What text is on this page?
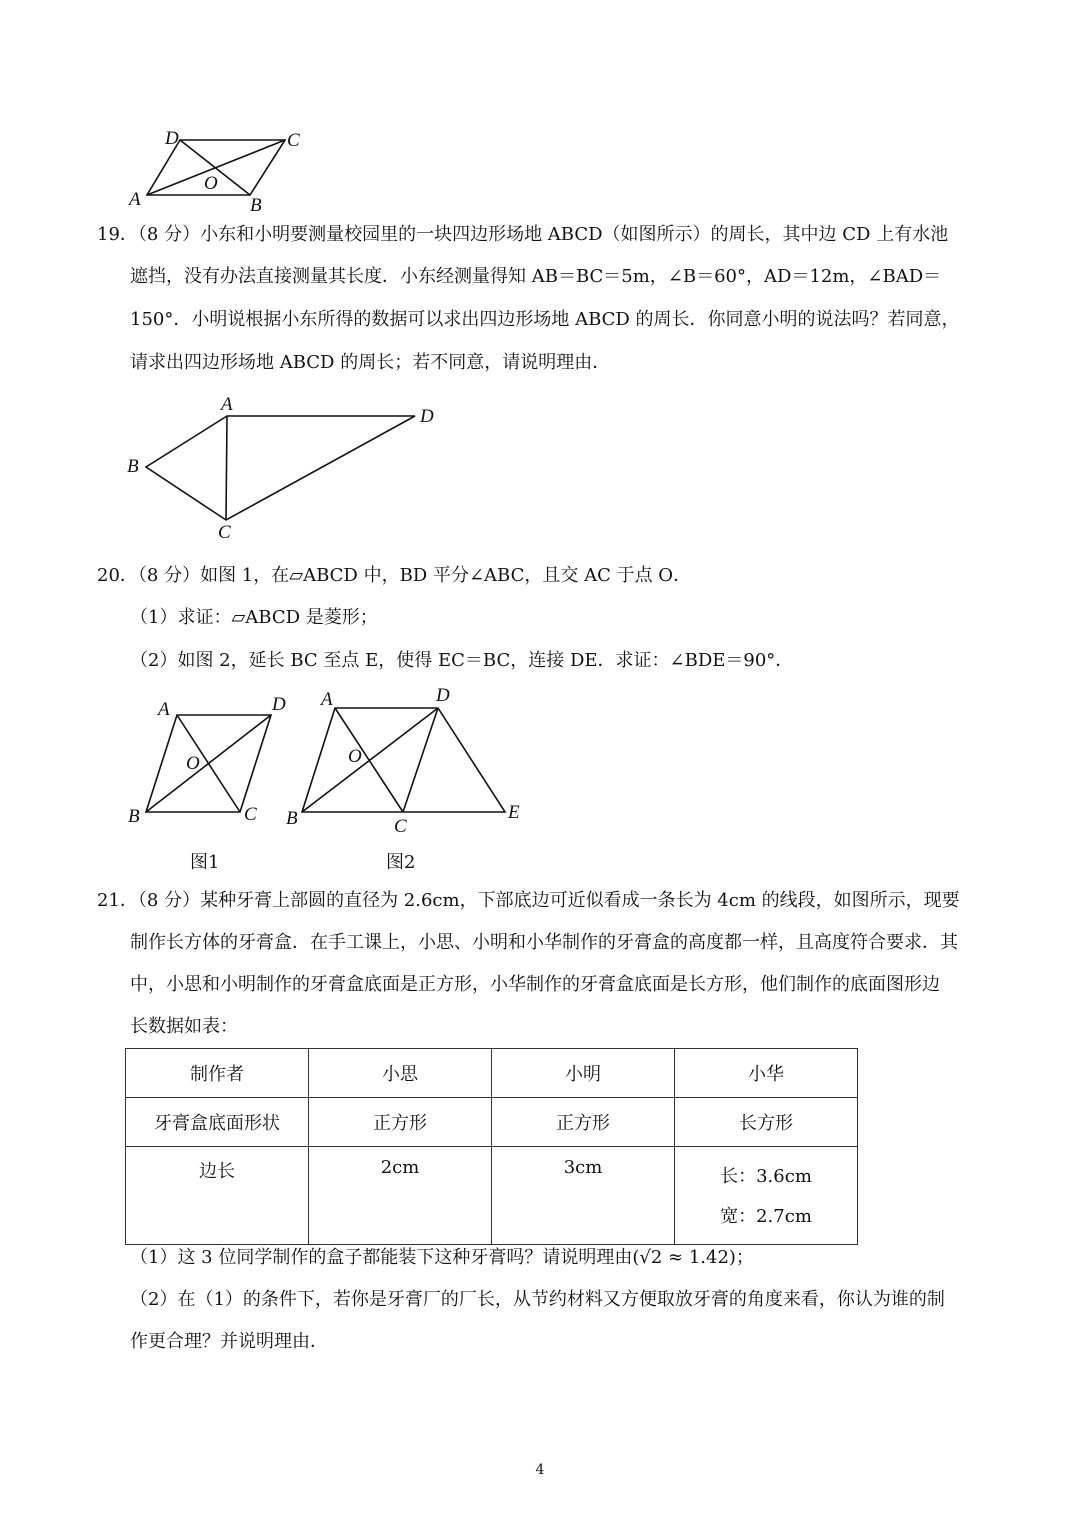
D	C
A	B
O
19．（8 分）小东和小明要测量校园里的一块四边形场地 ABCD（如图所示）的周长，其中边 CD 上有水池
遮挡，没有办法直接测量其长度．小东经测量得知 AB＝BC＝5m，∠B＝60°，AD＝12m，∠BAD＝
150°．小明说根据小东所得的数据可以求出四边形场地 ABCD 的周长．你同意小明的说法吗？若同意，
请求出四边形场地 ABCD 的周长；若不同意，请说明理由．
A
D
B
C
20．（8 分）如图 1，在▱ABCD 中，BD 平分∠ABC，且交 AC 于点 O．
（1）求证：▱ABCD 是菱形；
（2）如图 2，延长 BC 至点 E，使得 EC＝BC，连接 DE．求证：∠BDE＝90°．
A	D
O
B	C
图1
A	D
O
B	C
E
图2
21．（8 分）某种牙膏上部圆的直径为 2.6cm，下部底边可近似看成一条长为 4cm 的线段，如图所示，现要
制作长方体的牙膏盒．在手工课上，小思、小明和小华制作的牙膏盒的高度都一样，且高度符合要求．其
中，小思和小明制作的牙膏盒底面是正方形，小华制作的牙膏盒底面是长方形，他们制作的底面图形边
长数据如表：
制作者	小思	小明	小华
牙膏盒底面形状	正方形	正方形	长方形
边长	2cm	3cm	长：3.6cm
宽：2.7cm
（1）这 3 位同学制作的盒子都能装下这种牙膏吗？请说明理由(√2 ≈ 1.42)；
（2）在（1）的条件下，若你是牙膏厂的厂长，从节约材料又方便取放牙膏的角度来看，你认为谁的制
作更合理？并说明理由．
4
